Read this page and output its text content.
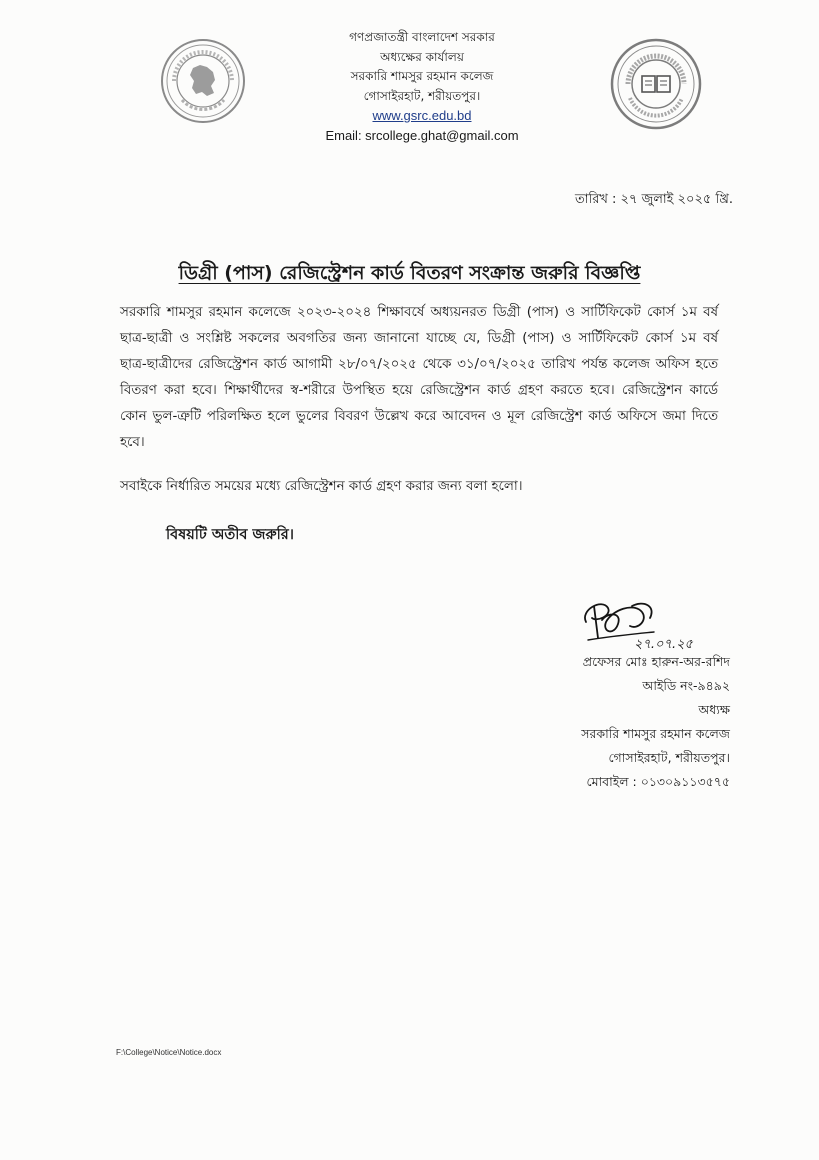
গণপ্রজাতন্ত্রী বাংলাদেশ সরকার
অধ্যক্ষের কার্যালয়
সরকারি শামসুর রহমান কলেজ
গোসাইরহাট, শরীয়তপুর।
www.gsrc.edu.bd
Email: srcollege.ghat@gmail.com
তারিখ : ২৭ জুলাই ২০২৫ খ্রি.
ডিগ্রী (পাস) রেজিস্ট্রেশন কার্ড বিতরণ সংক্রান্ত জরুরি বিজ্ঞপ্তি
সরকারি শামসুর রহমান কলেজে ২০২৩-২০২৪ শিক্ষাবর্ষে অধ্যয়নরত ডিগ্রী (পাস) ও সার্টিফিকেট কোর্স ১ম বর্ষ ছাত্র-ছাত্রী ও সংশ্লিষ্ট সকলের অবগতির জন্য জানানো যাচ্ছে যে, ডিগ্রী (পাস) ও সার্টিফিকেট কোর্স ১ম বর্ষ ছাত্র-ছাত্রীদের রেজিস্ট্রেশন কার্ড আগামী ২৮/০৭/২০২৫ থেকে ৩১/০৭/২০২৫ তারিখ পর্যন্ত কলেজ অফিস হতে বিতরণ করা হবে। শিক্ষার্থীদের স্ব-শরীরে উপস্থিত হয়ে রেজিস্ট্রেশন কার্ড গ্রহণ করতে হবে। রেজিস্ট্রেশন কার্ডে কোন ভুল-ত্রুটি পরিলক্ষিত হলে ভুলের বিবরণ উল্লেখ করে আবেদন ও মূল রেজিস্ট্রেশ কার্ড অফিসে জমা দিতে হবে।
সবাইকে নির্ধারিত সময়ের মধ্যে রেজিস্ট্রেশন কার্ড গ্রহণ করার জন্য বলা হলো।
বিষয়টি অতীব জরুরি।
২৭.০৭.২৫
প্রফেসর মোঃ হারুন-অর-রশিদ
আইডি নং-৯৪৯২
অধ্যক্ষ
সরকারি শামসুর রহমান কলেজ
গোসাইরহাট, শরীয়তপুর।
মোবাইল : ০১৩০৯১১৩৫৭৫
F:\College\Notice\Notice.docx
